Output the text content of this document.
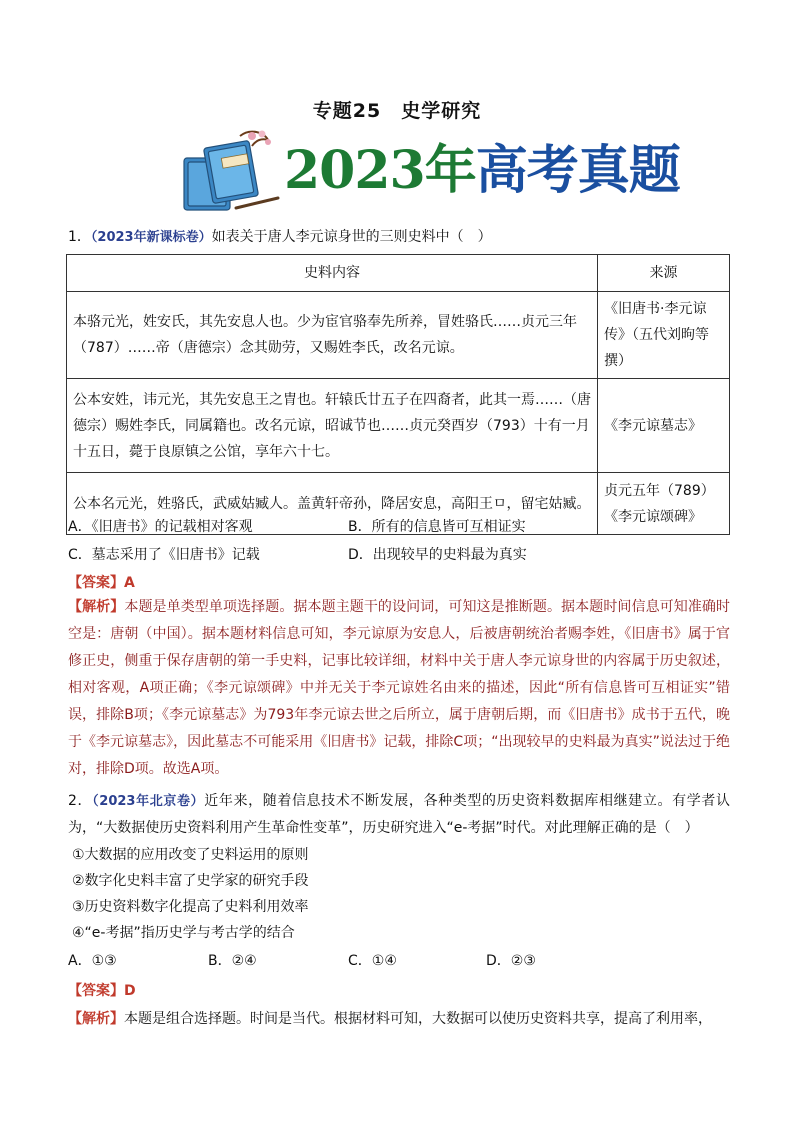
专题25　史学研究
2023年高考真题
1．（2023年新课标卷）如表关于唐人李元谅身世的三则史料中（　）
史料内容	来源
本骆元光，姓安氏，其先安息人也。少为宦官骆奉先所养，冒姓骆氏……贞元三年（787）……帝（唐德宗）念其勋劳，又赐姓李氏，改名元谅。	《旧唐书·李元谅传》（五代刘昫等撰）
公本安姓，讳元光，其先安息王之胄也。轩辕氏廿五子在四裔者，此其一焉……（唐德宗）赐姓李氏，同属籍也。改名元谅，昭诚节也……贞元癸酉岁（793）十有一月十五日，薨于良原镇之公馆，享年六十七。	《李元谅墓志》
公本名元光，姓骆氏，武威姑臧人。盖黄轩帝孙，降居安息，高阳王ㅁ，留宅姑臧。	贞元五年（789）《李元谅颂碑》
A．《旧唐书》的记载相对客观	B．所有的信息皆可互相证实
C．墓志采用了《旧唐书》记载	D．出现较早的史料最为真实
【答案】A
【解析】本题是单类型单项选择题。据本题主题干的设问词，可知这是推断题。据本题时间信息可知准确时空是：唐朝（中国）。据本题材料信息可知，李元谅原为安息人，后被唐朝统治者赐李姓，《旧唐书》属于官修正史，侧重于保存唐朝的第一手史料，记事比较详细，材料中关于唐人李元谅身世的内容属于历史叙述，相对客观，A项正确；《李元谅颂碑》中并无关于李元谅姓名由来的描述，因此“所有信息皆可互相证实”错误，排除B项；《李元谅墓志》为793年李元谅去世之后所立，属于唐朝后期，而《旧唐书》成书于五代，晚于《李元谅墓志》，因此墓志不可能采用《旧唐书》记载，排除C项；“出现较早的史料最为真实”说法过于绝对，排除D项。故选A项。
2．（2023年北京卷）近年来，随着信息技术不断发展，各种类型的历史资料数据库相继建立。有学者认为，“大数据使历史资料利用产生革命性变革”，历史研究进入“e-考据”时代。对此理解正确的是（　）
①大数据的应用改变了史料运用的原则
②数字化史料丰富了史学家的研究手段
③历史资料数字化提高了史料利用效率
④“e-考据”指历史学与考古学的结合
A．①③	B．②④	C．①④	D．②③
【答案】D
【解析】本题是组合选择题。时间是当代。根据材料可知，大数据可以使历史资料共享，提高了利用率，
